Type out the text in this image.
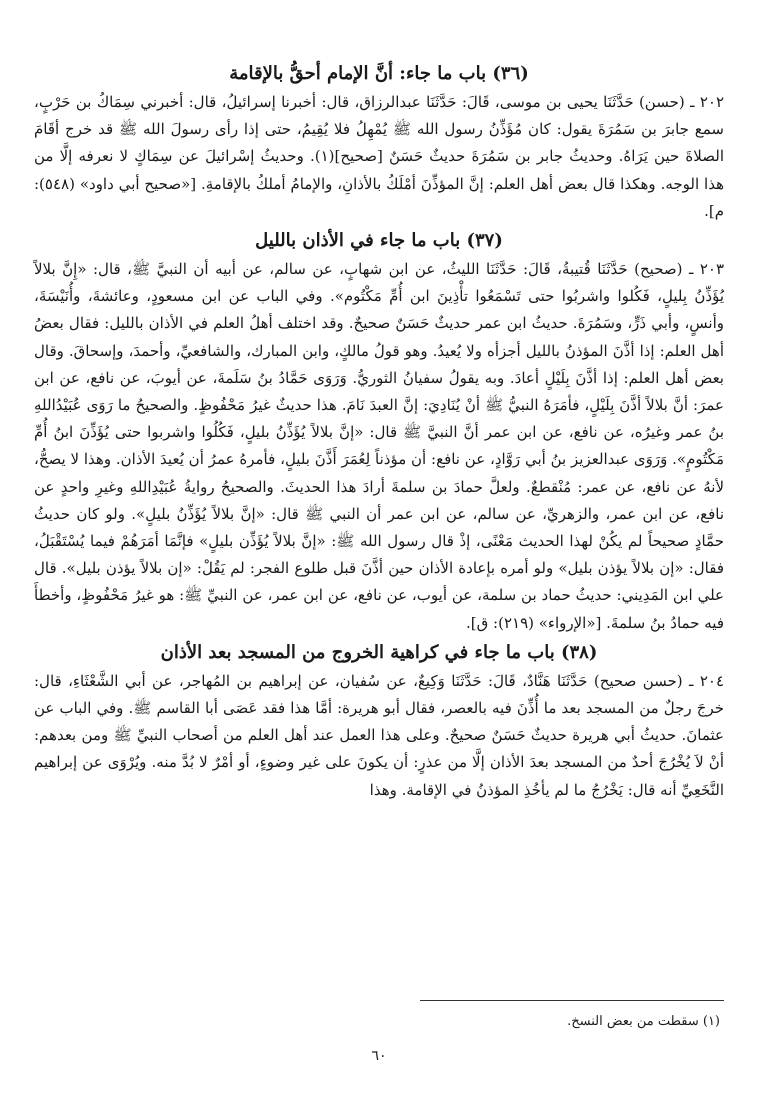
(٣٦) باب ما جاء: أنَّ الإمام أحقُّ بالإقامة

٢٠٢ ـ (حسن) حَدَّثَنَا يحيى بن موسى، قَالَ: حَدَّثَنَا عبدالرزاق، قال: أخبرنا إسرائيلُ، قال: أخبرني سِمَاكُ بن حَرْبٍ، سمع جابرَ بن سَمُرَةَ يقول: كان مُؤَذِّنُ رسول الله ﷺ يُمْهِلُ فلا يُقِيمُ، حتى إذا رأى رسولَ الله ﷺ قد خرج أقَامَ الصلاةَ حين يَرَاهُ. وحديثُ جابر بن سَمُرَةَ حديثٌ حَسَنٌ [صحيح](١). وحديثُ إسْرائيلَ عن سِمَاكٍ لا نعرفه إلَّا من هذا الوجه. وهكذا قال بعض أهل العلم: إنَّ المؤذِّنَ أمْلَكُ بالأذانِ، والإمامُ أملكُ بالإقامةِ. [«صحيح أبي داود» (٥٤٨): م].

(٣٧) باب ما جاء في الأذان بالليل

٢٠٣ ـ (صحيح) حَدَّثَنَا قُتيبةُ، قَالَ: حَدَّثَنَا الليثُ، عن ابن شهابٍ، عن سالم، عن أبيه أن النبيَّ ﷺ، قال: «إِنَّ بلالاً يُؤَذِّنُ بِليلٍ، فَكُلوا واشربُوا حتى تَسْمَعُوا تأْذِينَ ابن أُمِّ مَكْتُوم». وفي الباب عن ابن مسعودٍ، وعائشةَ، وأُنَيْسَةَ، وأنسٍ، وأبي ذَرٍّ، وسَمُرَةَ. حديثُ ابن عمر حديثٌ حَسَنٌ صحيحٌ. وقد اختلف أهلُ العلم في الأذان بالليل: فقال بعضُ أهل العلم: إذا أذَّنَ المؤذنُ بالليل أجزأه ولا يُعيدُ. وهو قولُ مالكٍ، وابن المبارك، والشافعيِّ، وأحمدَ، وإسحاقَ. وقال بعض أهل العلم: إذا أذَّنَ بِلَيْلٍ أعادَ. وبه يقولُ سفيانُ الثوريُّ. وَرَوَى حَمَّادُ بنُ سَلَمةَ، عن أيوبَ، عن نافع، عن ابن عمرَ: أنَّ بلالاً أذَّنَ بِلَيْلٍ، فأمَرَهُ النبيُّ ﷺ أنْ يُنَادِيَ: إنَّ العبدَ نَامَ. هذا حديثٌ غيرُ مَحْفُوظٍ. والصحيحُ ما رَوَى عُبَيْدُاللهِ بنُ عمر وغيرُه، عن نافع، عن ابن عمر أنَّ النبيَّ ﷺ قال: «إنَّ بلالاً يُؤَذِّنُ بليلٍ، فَكُلُوا واشربوا حتى يُؤَذِّنَ ابنُ أُمِّ مَكْتُومٍ». وَرَوَى عبدالعزيز بنُ أبي رَوَّادٍ، عن نافع: أن مؤذناً لِعُمَرَ أَذَّنَ بليلٍ، فأمرهُ عمرُ أن يُعيدَ الأذان. وهذا لا يصحُّ، لأنهُ عن نافع، عن عمر: مُنْقطعٌ. ولعلَّ حمادَ بن سلمةَ أرادَ هذا الحديثَ. والصحيحُ روايةُ عُبَيْدِاللهِ وغيرِ واحدٍ عن نافع، عن ابن عمر، والزهريِّ، عن سالم، عن ابن عمر أن النبي ﷺ قال: «إنَّ بلالاً يُؤَذِّنُ بليلٍ». ولو كان حديثُ حمَّادٍ صحيحاً لم يكُنْ لهذا الحديث مَعْنًى، إذْ قال رسول الله ﷺ: «إنَّ بلالاً يُؤَذِّن بليلٍ» فإنَّمَا أمَرَهُمْ فيما يُسْتَقْبَلُ، فقال: «إن بلالاً يؤذن بليل» ولو أمره بإعادة الأذان حين أذَّنَ قبل طلوع الفجر: لم يَقُلْ: «إن بلالاً يؤذن بليل». قال علي ابن المَدِيني: حديثُ حماد بن سلمة، عن أيوب، عن نافع، عن ابن عمر، عن النبيِّ ﷺ: هو غيرُ مَحْفُوظٍ، وأخطأَ فيه حمادُ بنُ سلمةَ. [«الإرواء» (٢١٩): ق].

(٣٨) باب ما جاء في كراهية الخروج من المسجد بعد الأذان

٢٠٤ ـ (حسن صحيح) حَدَّثَنَا هَنَّادٌ، قَالَ: حَدَّثَنَا وَكِيعٌ، عن سُفيان، عن إبراهيم بن المُهاجر، عن أبي الشَّعْثَاءِ، قال: خرجَ رجلٌ من المسجد بعد ما أُذِّنَ فيه بالعصر، فقال أبو هريرة: أمَّا هذا فقد عَصَى أبا القاسم ﷺ. وفي الباب عن عثمانَ. حديثُ أبي هريرة حديثٌ حَسَنٌ صحيحٌ. وعلى هذا العمل عند أهل العلم من أصحاب النبيِّ ﷺ ومن بعدهم: أنْ لاَ يُخْرُجَ أحدٌ من المسجد بعدَ الأذان إلَّا من عذرٍ: أن يكونَ على غير وضوءٍ، أو أمْرٌ لا بُدَّ منه. ويُرْوَى عن إبراهيم النَّخَعِيِّ أنه قال: يَخْرُجُ ما لم يأخُذِ المؤذنُ في الإقامة. وهذا

(١) سقطت من بعض النسخ.
٦٠
